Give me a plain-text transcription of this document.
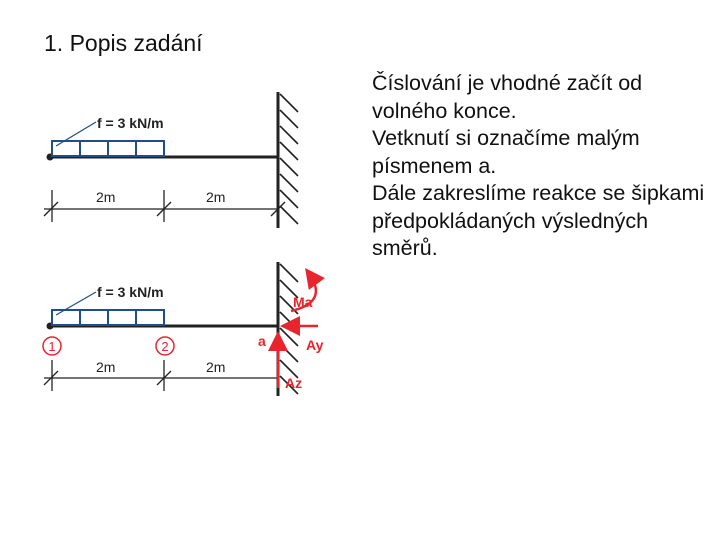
1. Popis zadání

Číslování je vhodné začít od volného konce.

Vetknutí si označíme malým písmenem a.

Dále zakreslíme reakce se šipkami předpokládaných výsledných směrů.

f = 3 kN/m
2m	2m
f = 3 kN/m
1	2
2m	2m
a
Ma
Ay
Az
